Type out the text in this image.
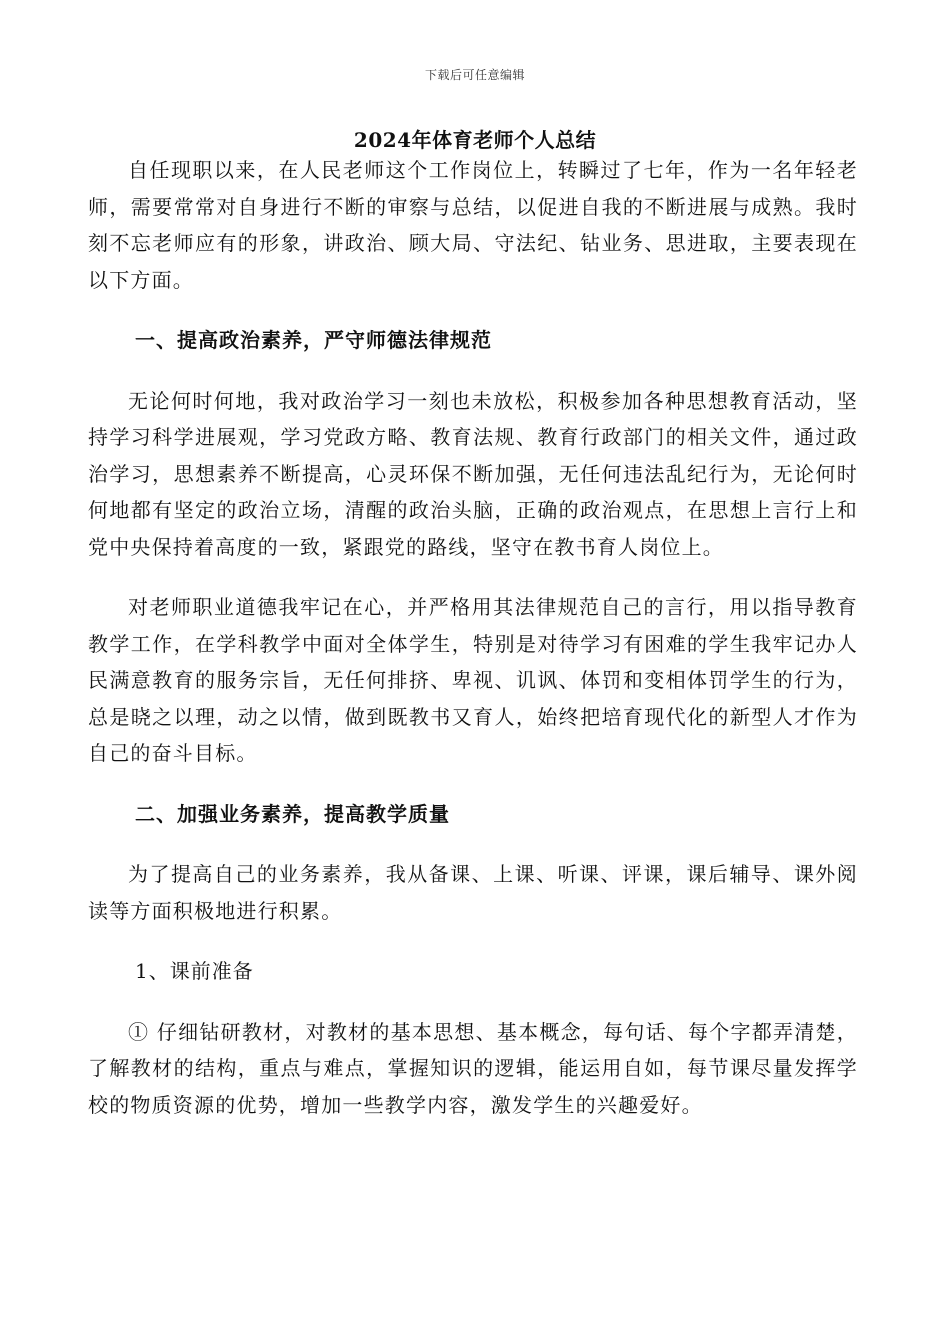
下载后可任意编辑
2024年体育老师个人总结

自任现职以来，在人民老师这个工作岗位上，转瞬过了七年，作为一名年轻老师，需要常常对自身进行不断的审察与总结，以促进自我的不断进展与成熟。我时刻不忘老师应有的形象，讲政治、顾大局、守法纪、钻业务、思进取，主要表现在以下方面。

一、提高政治素养，严守师德法律规范

无论何时何地，我对政治学习一刻也未放松，积极参加各种思想教育活动，坚持学习科学进展观，学习党政方略、教育法规、教育行政部门的相关文件，通过政治学习，思想素养不断提高，心灵环保不断加强，无任何违法乱纪行为，无论何时何地都有坚定的政治立场，清醒的政治头脑，正确的政治观点，在思想上言行上和党中央保持着高度的一致，紧跟党的路线，坚守在教书育人岗位上。

对老师职业道德我牢记在心，并严格用其法律规范自己的言行，用以指导教育教学工作，在学科教学中面对全体学生，特别是对待学习有困难的学生我牢记办人民满意教育的服务宗旨，无任何排挤、卑视、讥讽、体罚和变相体罚学生的行为，总是晓之以理，动之以情，做到既教书又育人，始终把培育现代化的新型人才作为自己的奋斗目标。

二、加强业务素养，提高教学质量

为了提高自己的业务素养，我从备课、上课、听课、评课，课后辅导、课外阅读等方面积极地进行积累。

1、课前准备

① 仔细钻研教材，对教材的基本思想、基本概念，每句话、每个字都弄清楚，了解教材的结构，重点与难点，掌握知识的逻辑，能运用自如，每节课尽量发挥学校的物质资源的优势，增加一些教学内容，激发学生的兴趣爱好。
